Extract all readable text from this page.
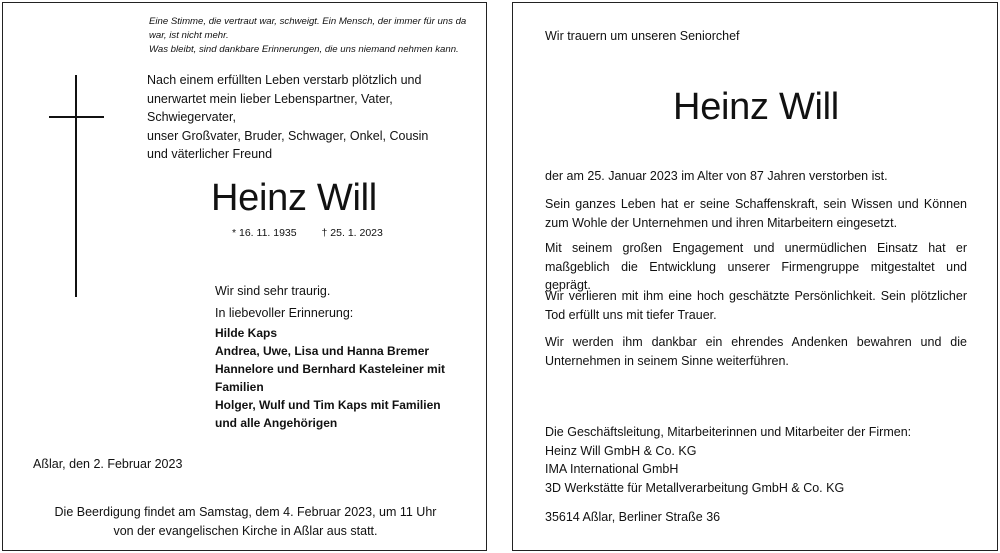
Eine Stimme, die vertraut war, schweigt. Ein Mensch, der immer für uns da war, ist nicht mehr.
Was bleibt, sind dankbare Erinnerungen, die uns niemand nehmen kann.
Nach einem erfüllten Leben verstarb plötzlich und
unerwartet mein lieber Lebenspartner, Vater, Schwiegervater,
unser Großvater, Bruder, Schwager, Onkel, Cousin
und väterlicher Freund
Heinz Will
* 16. 11. 1935 † 25. 1. 2023
Wir sind sehr traurig.
In liebevoller Erinnerung:
Hilde Kaps
Andrea, Uwe, Lisa und Hanna Bremer
Hannelore und Bernhard Kasteleiner mit Familien
Holger, Wulf und Tim Kaps mit Familien
und alle Angehörigen
Aßlar, den 2. Februar 2023
Die Beerdigung findet am Samstag, dem 4. Februar 2023, um 11 Uhr
von der evangelischen Kirche in Aßlar aus statt.
Wir trauern um unseren Seniorchef
Heinz Will
der am 25. Januar 2023 im Alter von 87 Jahren verstorben ist.
Sein ganzes Leben hat er seine Schaffenskraft, sein Wissen und Können zum Wohle der Unternehmen und ihren Mitarbeitern eingesetzt.
Mit seinem großen Engagement und unermüdlichen Einsatz hat er maßgeblich die Entwicklung unserer Firmengruppe mitgestaltet und geprägt.
Wir verlieren mit ihm eine hoch geschätzte Persönlichkeit. Sein plötzlicher Tod erfüllt uns mit tiefer Trauer.
Wir werden ihm dankbar ein ehrendes Andenken bewahren und die Unternehmen in seinem Sinne weiterführen.
Die Geschäftsleitung, Mitarbeiterinnen und Mitarbeiter der Firmen:
Heinz Will GmbH & Co. KG
IMA International GmbH
3D Werkstätte für Metallverarbeitung GmbH & Co. KG
35614 Aßlar, Berliner Straße 36
